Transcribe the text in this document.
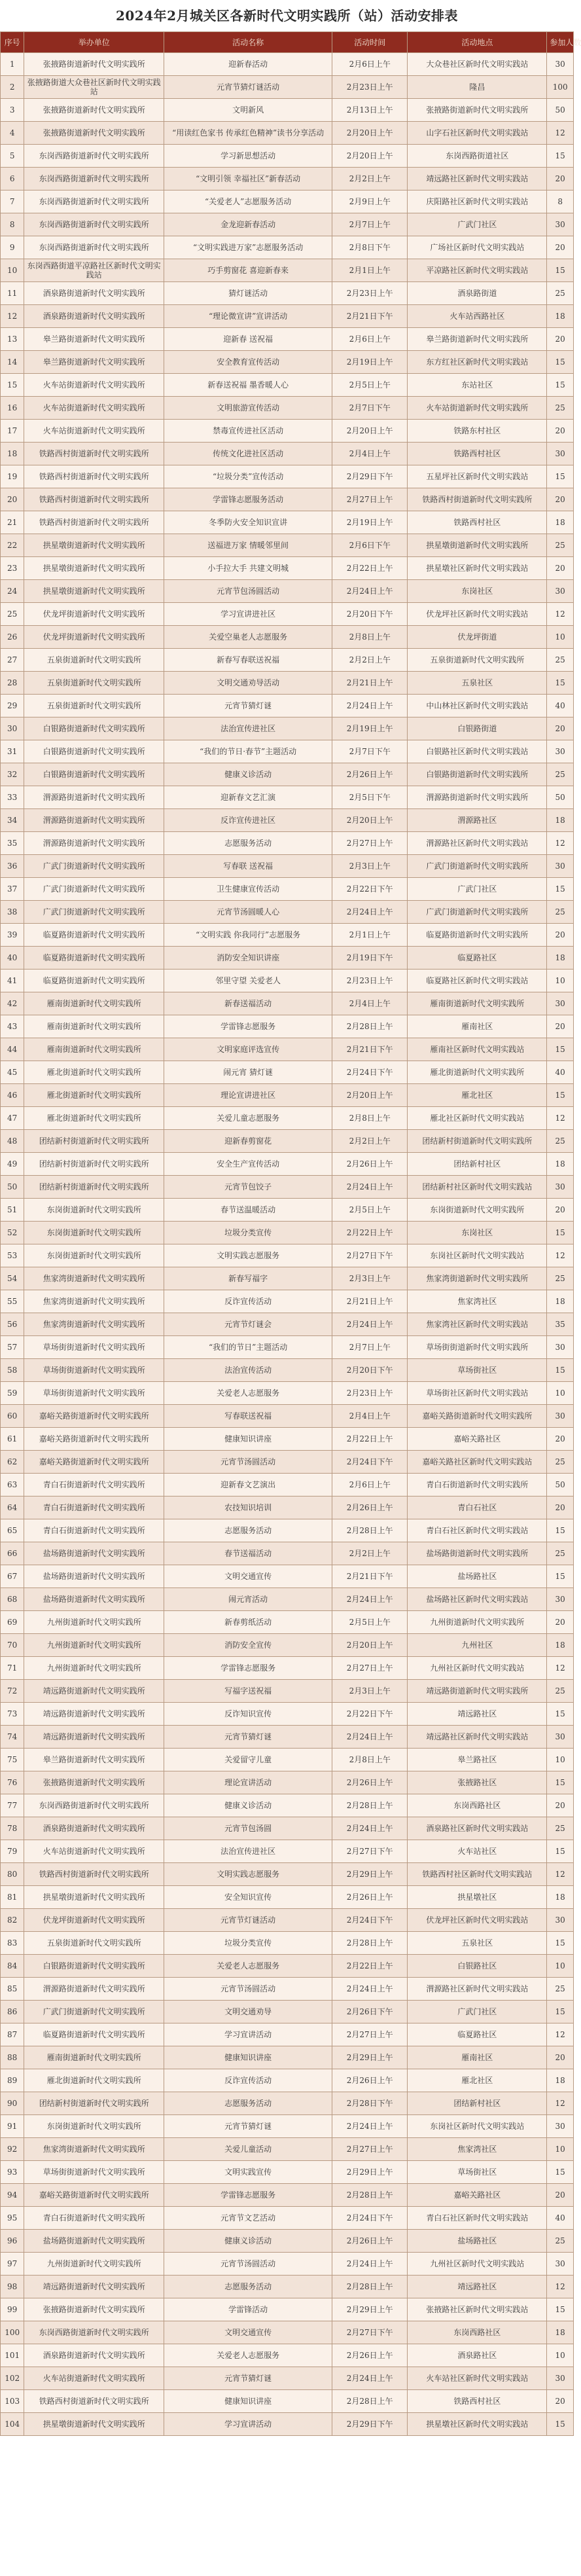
2024年2月城关区各新时代文明实践所（站）活动安排表
序号	举办单位	活动名称	活动时间	活动地点	参加人数
1	张掖路街道新时代文明实践所	迎新春活动	2月6日上午	大众巷社区新时代文明实践站	30
2	张掖路街道大众巷社区新时代文明实践站	元宵节猜灯谜活动	2月23日上午	隆昌	100
3	张掖路街道新时代文明实践所	文明新风	2月13日上午	张掖路街道新时代文明实践所	50
4	张掖路街道新时代文明实践所	“用读红色家书 传承红色精神”读书分享活动	2月20日上午	山字石社区新时代文明实践站	12
5	东岗西路街道新时代文明实践所	学习新思想活动	2月20日上午	东岗西路街道社区	15
6	东岗西路街道新时代文明实践所	“文明引领 幸福社区”新春活动	2月2日上午	靖远路社区新时代文明实践站	20
7	东岗西路街道新时代文明实践所	“关爱老人”志愿服务活动	2月9日上午	庆阳路社区新时代文明实践站	8
8	东岗西路街道新时代文明实践所	金龙迎新春活动	2月7日上午	广武门社区	30
9	东岗西路街道新时代文明实践所	“文明实践进万家”志愿服务活动	2月8日下午	广场社区新时代文明实践站	20
10	东岗西路街道平凉路社区新时代文明实践站	巧手剪窗花 喜迎新春来	2月1日上午	平凉路社区新时代文明实践站	15
11	酒泉路街道新时代文明实践所	猜灯谜活动	2月23日上午	酒泉路街道	25
12	酒泉路街道新时代文明实践所	“理论微宣讲”宣讲活动	2月21日下午	火车站西路社区	18
13	皋兰路街道新时代文明实践所	迎新春 送祝福	2月6日上午	皋兰路街道新时代文明实践所	20
14	皋兰路街道新时代文明实践所	安全教育宣传活动	2月19日上午	东方红社区新时代文明实践站	15
15	火车站街道新时代文明实践所	新春送祝福 墨香暖人心	2月5日上午	东站社区	15
16	火车站街道新时代文明实践所	文明旅游宣传活动	2月7日下午	火车站街道新时代文明实践所	25
17	火车站街道新时代文明实践所	禁毒宣传进社区活动	2月20日上午	铁路东村社区	20
18	铁路西村街道新时代文明实践所	传统文化进社区活动	2月4日上午	铁路西村社区	30
19	铁路西村街道新时代文明实践所	“垃圾分类”宣传活动	2月29日下午	五星坪社区新时代文明实践站	15
20	铁路西村街道新时代文明实践所	学雷锋志愿服务活动	2月27日上午	铁路西村街道新时代文明实践所	20
21	铁路西村街道新时代文明实践所	冬季防火安全知识宣讲	2月19日上午	铁路西村社区	18
22	拱星墩街道新时代文明实践所	送福进万家 情暖邻里间	2月6日下午	拱星墩街道新时代文明实践所	25
23	拱星墩街道新时代文明实践所	小手拉大手 共建文明城	2月22日上午	拱星墩社区新时代文明实践站	20
24	拱星墩街道新时代文明实践所	元宵节包汤圆活动	2月24日上午	东岗社区	30
25	伏龙坪街道新时代文明实践所	学习宣讲进社区	2月20日下午	伏龙坪社区新时代文明实践站	12
26	伏龙坪街道新时代文明实践所	关爱空巢老人志愿服务	2月8日上午	伏龙坪街道	10
27	五泉街道新时代文明实践所	新春写春联送祝福	2月2日上午	五泉街道新时代文明实践所	25
28	五泉街道新时代文明实践所	文明交通劝导活动	2月21日上午	五泉社区	15
29	五泉街道新时代文明实践所	元宵节猜灯谜	2月24日上午	中山林社区新时代文明实践站	40
30	白银路街道新时代文明实践所	法治宣传进社区	2月19日上午	白银路街道	20
31	白银路街道新时代文明实践所	“我们的节日·春节”主题活动	2月7日下午	白银路社区新时代文明实践站	30
32	白银路街道新时代文明实践所	健康义诊活动	2月26日上午	白银路街道新时代文明实践所	25
33	渭源路街道新时代文明实践所	迎新春文艺汇演	2月5日下午	渭源路街道新时代文明实践所	50
34	渭源路街道新时代文明实践所	反诈宣传进社区	2月20日上午	渭源路社区	18
35	渭源路街道新时代文明实践所	志愿服务活动	2月27日上午	渭源路社区新时代文明实践站	12
36	广武门街道新时代文明实践所	写春联 送祝福	2月3日上午	广武门街道新时代文明实践所	30
37	广武门街道新时代文明实践所	卫生健康宣传活动	2月22日下午	广武门社区	15
38	广武门街道新时代文明实践所	元宵节汤圆暖人心	2月24日上午	广武门街道新时代文明实践所	25
39	临夏路街道新时代文明实践所	“文明实践 你我同行”志愿服务	2月1日上午	临夏路街道新时代文明实践所	20
40	临夏路街道新时代文明实践所	消防安全知识讲座	2月19日下午	临夏路社区	18
41	临夏路街道新时代文明实践所	邻里守望 关爱老人	2月23日上午	临夏路社区新时代文明实践站	10
42	雁南街道新时代文明实践所	新春送福活动	2月4日上午	雁南街道新时代文明实践所	30
43	雁南街道新时代文明实践所	学雷锋志愿服务	2月28日上午	雁南社区	20
44	雁南街道新时代文明实践所	文明家庭评选宣传	2月21日下午	雁南社区新时代文明实践站	15
45	雁北街道新时代文明实践所	闹元宵 猜灯谜	2月24日下午	雁北街道新时代文明实践所	40
46	雁北街道新时代文明实践所	理论宣讲进社区	2月20日上午	雁北社区	15
47	雁北街道新时代文明实践所	关爱儿童志愿服务	2月8日上午	雁北社区新时代文明实践站	12
48	团结新村街道新时代文明实践所	迎新春剪窗花	2月2日上午	团结新村街道新时代文明实践所	25
49	团结新村街道新时代文明实践所	安全生产宣传活动	2月26日上午	团结新村社区	18
50	团结新村街道新时代文明实践所	元宵节包饺子	2月24日上午	团结新村社区新时代文明实践站	30
51	东岗街道新时代文明实践所	春节送温暖活动	2月5日上午	东岗街道新时代文明实践所	20
52	东岗街道新时代文明实践所	垃圾分类宣传	2月22日上午	东岗社区	15
53	东岗街道新时代文明实践所	文明实践志愿服务	2月27日下午	东岗社区新时代文明实践站	12
54	焦家湾街道新时代文明实践所	新春写福字	2月3日上午	焦家湾街道新时代文明实践所	25
55	焦家湾街道新时代文明实践所	反诈宣传活动	2月21日上午	焦家湾社区	18
56	焦家湾街道新时代文明实践所	元宵节灯谜会	2月24日上午	焦家湾社区新时代文明实践站	35
57	草场街街道新时代文明实践所	“我们的节日”主题活动	2月7日上午	草场街街道新时代文明实践所	30
58	草场街街道新时代文明实践所	法治宣传活动	2月20日下午	草场街社区	15
59	草场街街道新时代文明实践所	关爱老人志愿服务	2月23日上午	草场街社区新时代文明实践站	10
60	嘉峪关路街道新时代文明实践所	写春联送祝福	2月4日上午	嘉峪关路街道新时代文明实践所	30
61	嘉峪关路街道新时代文明实践所	健康知识讲座	2月22日上午	嘉峪关路社区	20
62	嘉峪关路街道新时代文明实践所	元宵节汤圆活动	2月24日下午	嘉峪关路社区新时代文明实践站	25
63	青白石街道新时代文明实践所	迎新春文艺演出	2月6日上午	青白石街道新时代文明实践所	50
64	青白石街道新时代文明实践所	农技知识培训	2月26日上午	青白石社区	20
65	青白石街道新时代文明实践所	志愿服务活动	2月28日上午	青白石社区新时代文明实践站	15
66	盐场路街道新时代文明实践所	春节送福活动	2月2日上午	盐场路街道新时代文明实践所	25
67	盐场路街道新时代文明实践所	文明交通宣传	2月21日下午	盐场路社区	15
68	盐场路街道新时代文明实践所	闹元宵活动	2月24日上午	盐场路社区新时代文明实践站	30
69	九州街道新时代文明实践所	新春剪纸活动	2月5日上午	九州街道新时代文明实践所	20
70	九州街道新时代文明实践所	消防安全宣传	2月20日上午	九州社区	18
71	九州街道新时代文明实践所	学雷锋志愿服务	2月27日上午	九州社区新时代文明实践站	12
72	靖远路街道新时代文明实践所	写福字送祝福	2月3日上午	靖远路街道新时代文明实践所	25
73	靖远路街道新时代文明实践所	反诈知识宣传	2月22日下午	靖远路社区	15
74	靖远路街道新时代文明实践所	元宵节猜灯谜	2月24日上午	靖远路社区新时代文明实践站	30
75	皋兰路街道新时代文明实践所	关爱留守儿童	2月8日上午	皋兰路社区	10
76	张掖路街道新时代文明实践所	理论宣讲活动	2月26日上午	张掖路社区	15
77	东岗西路街道新时代文明实践所	健康义诊活动	2月28日上午	东岗西路社区	20
78	酒泉路街道新时代文明实践所	元宵节包汤圆	2月24日上午	酒泉路社区新时代文明实践站	25
79	火车站街道新时代文明实践所	法治宣传进社区	2月27日下午	火车站社区	15
80	铁路西村街道新时代文明实践所	文明实践志愿服务	2月29日上午	铁路西村社区新时代文明实践站	12
81	拱星墩街道新时代文明实践所	安全知识宣传	2月26日上午	拱星墩社区	18
82	伏龙坪街道新时代文明实践所	元宵节灯谜活动	2月24日下午	伏龙坪社区新时代文明实践站	30
83	五泉街道新时代文明实践所	垃圾分类宣传	2月28日上午	五泉社区	15
84	白银路街道新时代文明实践所	关爱老人志愿服务	2月22日上午	白银路社区	10
85	渭源路街道新时代文明实践所	元宵节汤圆活动	2月24日上午	渭源路社区新时代文明实践站	25
86	广武门街道新时代文明实践所	文明交通劝导	2月26日下午	广武门社区	15
87	临夏路街道新时代文明实践所	学习宣讲活动	2月27日上午	临夏路社区	12
88	雁南街道新时代文明实践所	健康知识讲座	2月29日上午	雁南社区	20
89	雁北街道新时代文明实践所	反诈宣传活动	2月26日上午	雁北社区	18
90	团结新村街道新时代文明实践所	志愿服务活动	2月28日下午	团结新村社区	12
91	东岗街道新时代文明实践所	元宵节猜灯谜	2月24日上午	东岗社区新时代文明实践站	30
92	焦家湾街道新时代文明实践所	关爱儿童活动	2月27日上午	焦家湾社区	10
93	草场街街道新时代文明实践所	文明实践宣传	2月29日上午	草场街社区	15
94	嘉峪关路街道新时代文明实践所	学雷锋志愿服务	2月28日上午	嘉峪关路社区	20
95	青白石街道新时代文明实践所	元宵节文艺活动	2月24日下午	青白石社区新时代文明实践站	40
96	盐场路街道新时代文明实践所	健康义诊活动	2月26日上午	盐场路社区	25
97	九州街道新时代文明实践所	元宵节汤圆活动	2月24日上午	九州社区新时代文明实践站	30
98	靖远路街道新时代文明实践所	志愿服务活动	2月28日上午	靖远路社区	12
99	张掖路街道新时代文明实践所	学雷锋活动	2月29日上午	张掖路社区新时代文明实践站	15
100	东岗西路街道新时代文明实践所	文明交通宣传	2月27日下午	东岗西路社区	18
101	酒泉路街道新时代文明实践所	关爱老人志愿服务	2月26日上午	酒泉路社区	10
102	火车站街道新时代文明实践所	元宵节猜灯谜	2月24日上午	火车站社区新时代文明实践站	30
103	铁路西村街道新时代文明实践所	健康知识讲座	2月28日上午	铁路西村社区	20
104	拱星墩街道新时代文明实践所	学习宣讲活动	2月29日下午	拱星墩社区新时代文明实践站	15
